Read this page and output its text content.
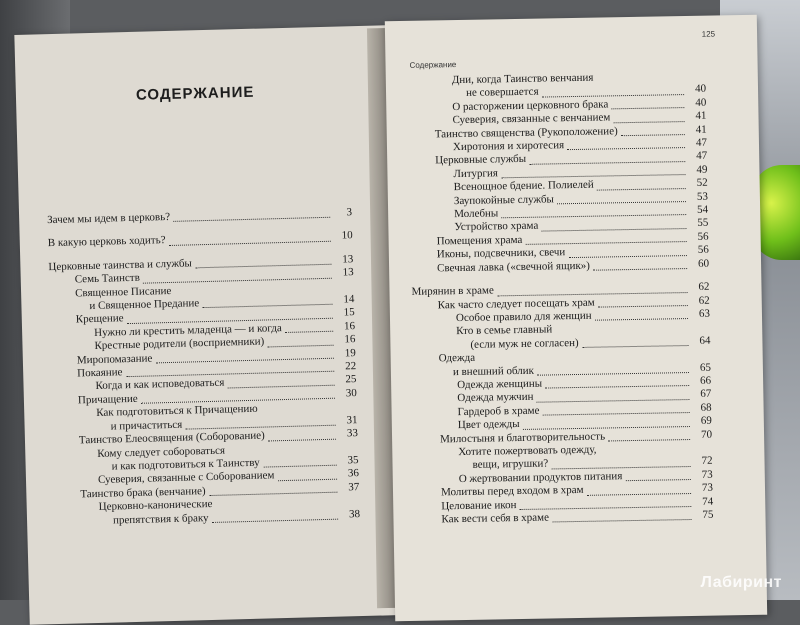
СОДЕРЖАНИЕ
Зачем мы идем в церковь?	3
В какую церковь ходить?	10
Церковные таинства и службы	13
Семь Таинств	13
Священное Писание
и Священное Предание	14
Крещение	15
Нужно ли крестить младенца — и когда	16
Крестные родители (восприемники)	16
Миропомазание	19
Покаяние	22
Когда и как исповедоваться	25
Причащение	30
Как подготовиться к Причащению
и причаститься	31
Таинство Елеосвящения (Соборование)	33
Кому следует собороваться
и как подготовиться к Таинству	35
Суеверия, связанные с Соборованием	36
Таинство брака (венчание)	37
Церковно-канонические
препятствия к браку	38
125
Содержание
Дни, когда Таинство венчания
не совершается	40
О расторжении церковного брака	40
Суеверия, связанные с венчанием	41
Таинство священства (Рукоположение)	41
Хиротония и хиротесия	47
Церковные службы	47
Литургия	49
Всенощное бдение. Полиелей	52
Заупокойные службы	53
Молебны	54
Устройство храма	55
Помещения храма	56
Иконы, подсвечники, свечи	56
Свечная лавка («свечной ящик»)	60
Мирянин в храме	62
Как часто следует посещать храм	62
Особое правило для женщин	63
Кто в семье главный
(если муж не согласен)	64
Одежда
и внешний облик	65
Одежда женщины	66
Одежда мужчин	67
Гардероб в храме	68
Цвет одежды	69
Милостыня и благотворительность	70
Хотите пожертвовать одежду,
вещи, игрушки?	72
О жертвовании продуктов питания	73
Молитвы перед входом в храм	73
Целование икон	74
Как вести себя в храме	75
Лабиринт
